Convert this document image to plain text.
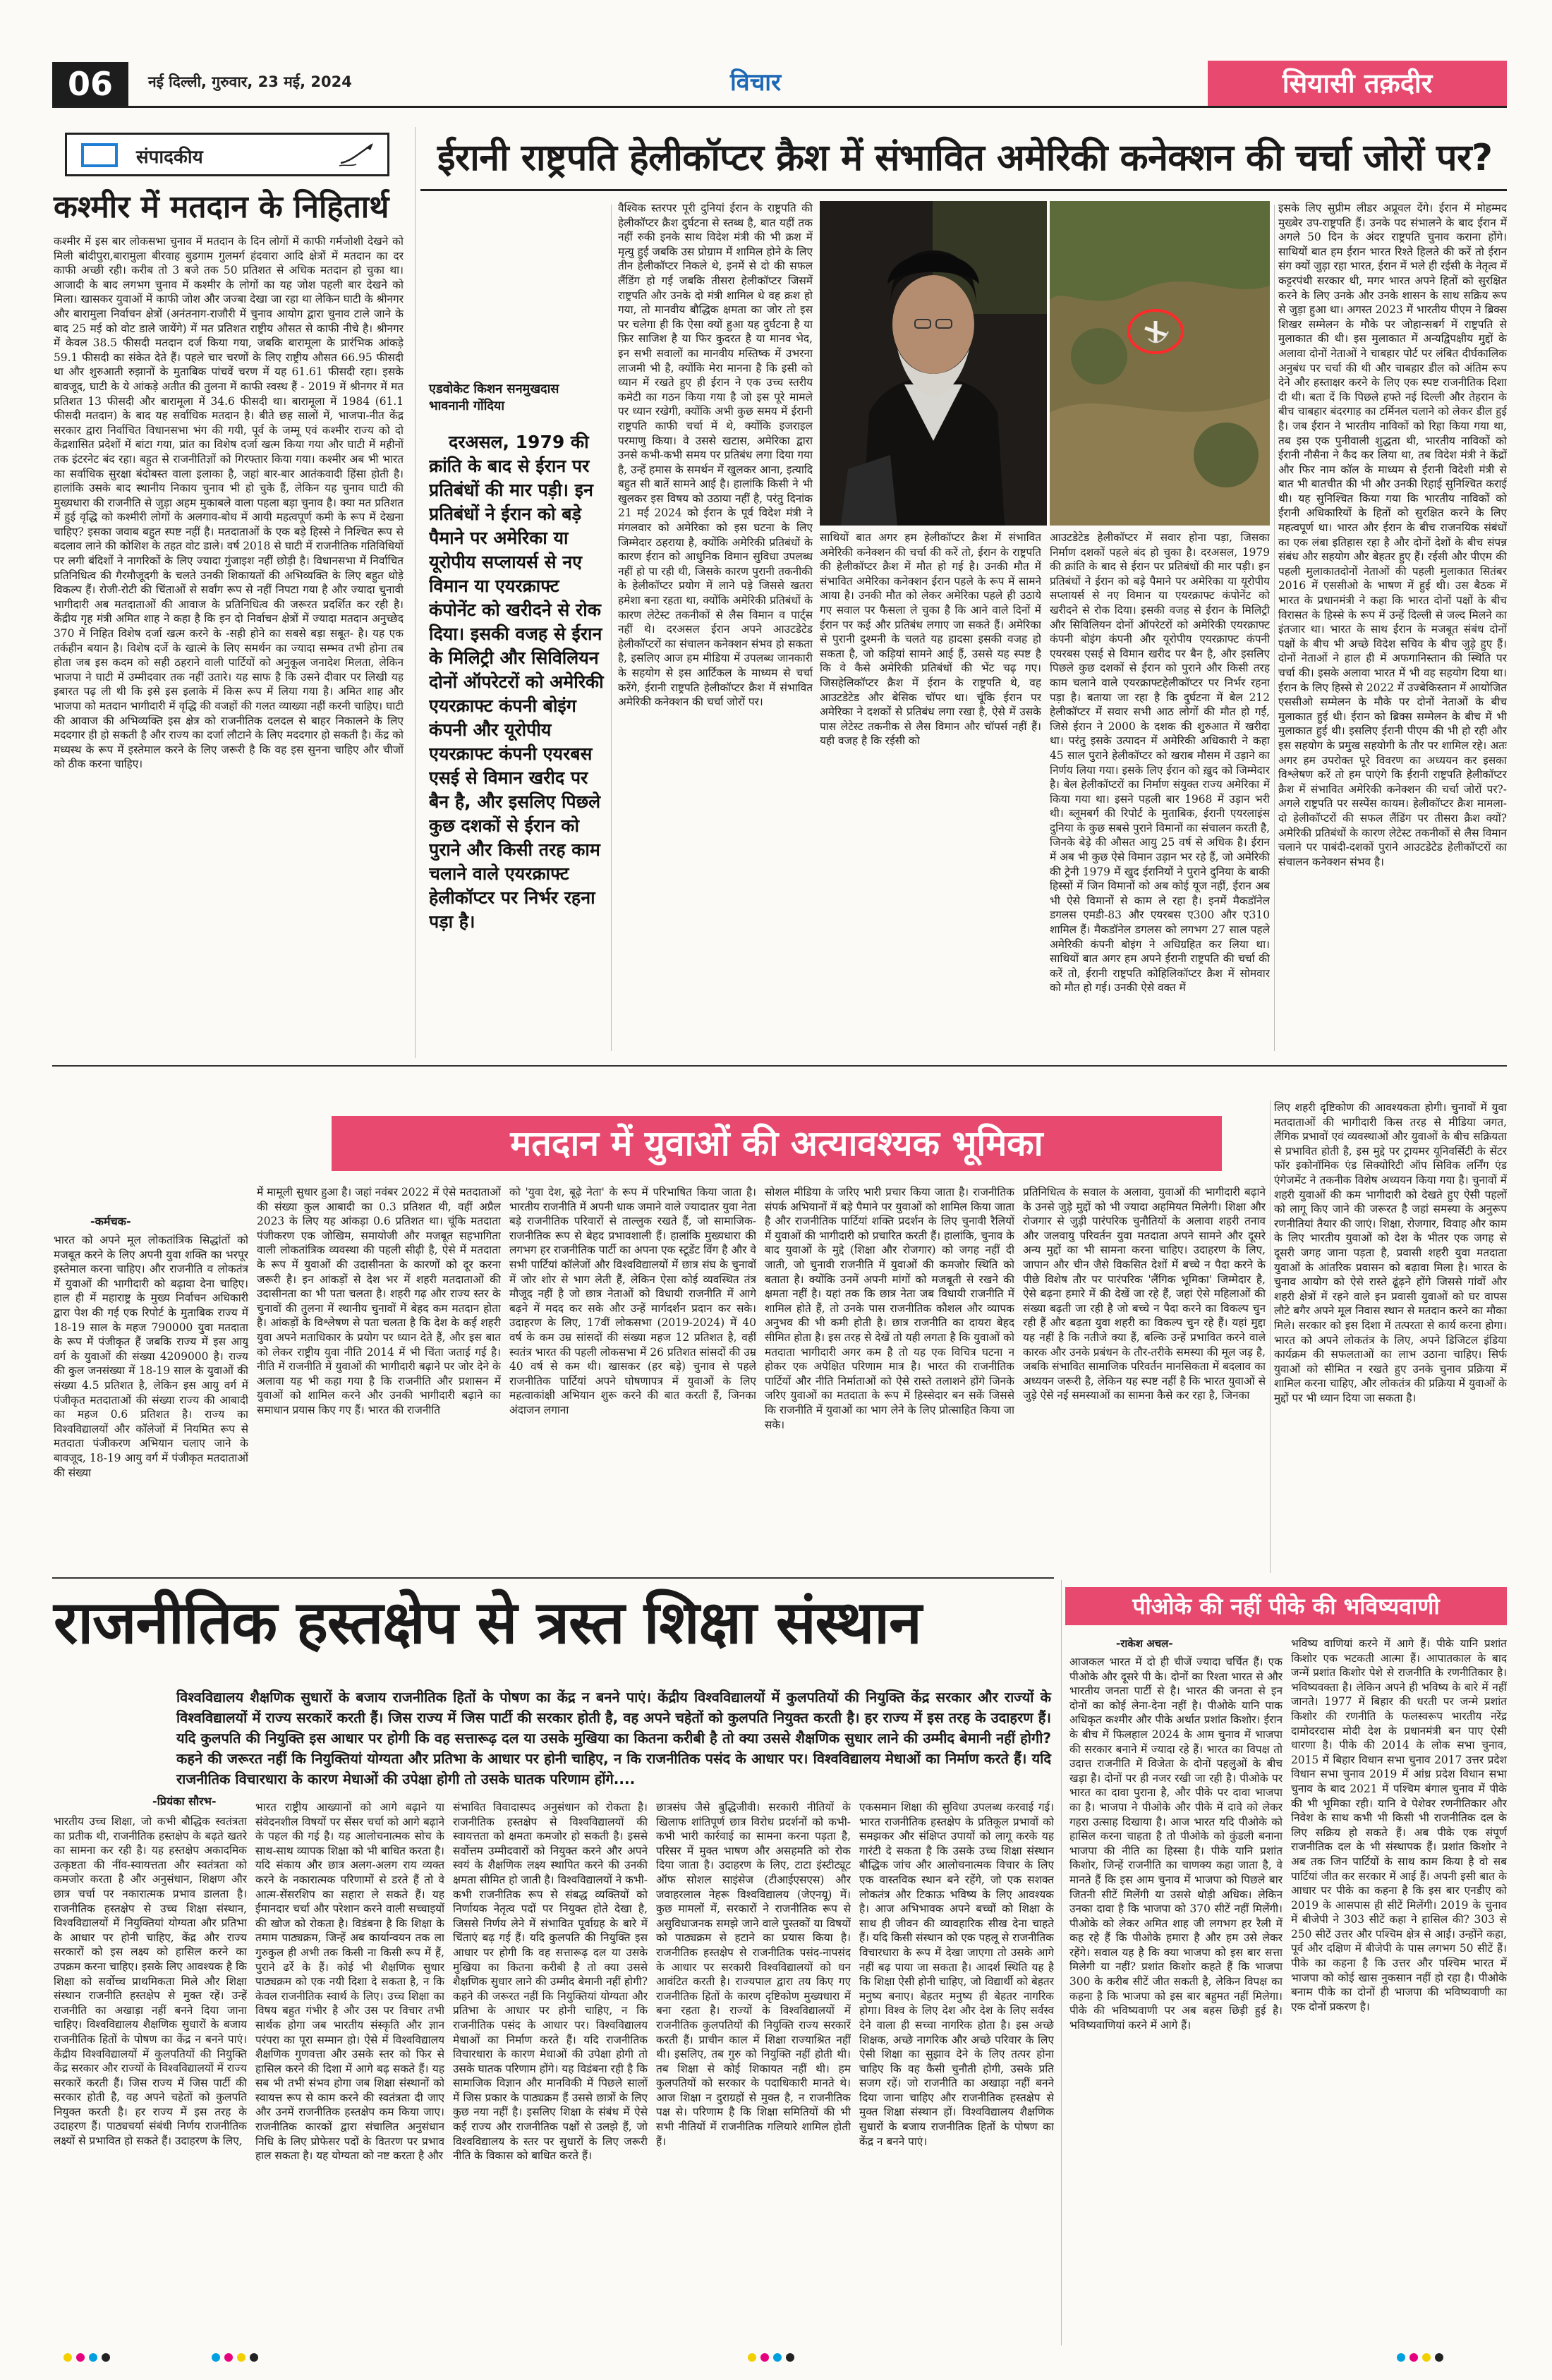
06	नई दिल्ली, गुरुवार, 23 मई, 2024	विचार	सियासी तक़दीर
संपादकीय
कश्मीर में मतदान के निहितार्थ
कश्मीर में इस बार लोकसभा चुनाव में मतदान के दिन लोगों में काफी गर्मजोशी देखने को मिली बांदीपुरा,बारामुला बीरवाह बुडगाम गुलमर्ग हंदवारा आदि क्षेत्रों में मतदान का दर काफी अच्छी रही। करीब तो 3 बजे तक 50 प्रतिशत से अधिक मतदान हो चुका था। आजादी के बाद लगभग चुनाव में कश्मीर के लोगों का यह जोश पहली बार देखने को मिला। खासकर युवाओं में काफी जोश और जज्बा देखा जा रहा था लेकिन घाटी के श्रीनगर और बारामुला निर्वाचन क्षेत्रों (अनंतनाग-राजौरी में चुनाव आयोग द्वारा चुनाव टाले जाने के बाद 25 मई को वोट डाले जायेंगे) में मत प्रतिशत राष्ट्रीय औसत से काफी नीचे है। श्रीनगर में केवल 38.5 फीसदी मतदान दर्ज किया गया, जबकि बारामूला के प्रारंभिक आंकड़े 59.1 फीसदी का संकेत देते हैं। पहले चार चरणों के लिए राष्ट्रीय औसत 66.95 फीसदी था और शुरुआती रुझानों के मुताबिक पांचवें चरण में यह 61.61 फीसदी रहा। इसके बावजूद, घाटी के ये आंकड़े अतीत की तुलना में काफी स्वस्थ हैं - 2019 में श्रीनगर में मत प्रतिशत 13 फीसदी और बारामूला में 34.6 फीसदी था। बारामूला में 1984 (61.1 फीसदी मतदान) के बाद यह सर्वाधिक मतदान है। बीते छह सालों में, भाजपा-नीत केंद्र सरकार द्वारा निर्वाचित विधानसभा भंग की गयी, पूर्व के जम्मू एवं कश्मीर राज्य को दो केंद्रशासित प्रदेशों में बांटा गया, प्रांत का विशेष दर्जा खत्म किया गया और घाटी में महीनों तक इंटरनेट बंद रहा। बहुत से राजनीतिज्ञों को गिरफ्तार किया गया। कश्मीर अब भी भारत का सर्वाधिक सुरक्षा बंदोबस्त वाला इलाका है, जहां बार-बार आतंकवादी हिंसा होती है। हालांकि उसके बाद स्थानीय निकाय चुनाव भी हो चुके हैं, लेकिन यह चुनाव घाटी की मुख्यधारा की राजनीति से जुड़ा अहम मुकाबले वाला पहला बड़ा चुनाव है। क्या मत प्रतिशत में हुई वृद्धि को कश्मीरी लोगों के अलगाव-बोध में आयी महत्वपूर्ण कमी के रूप में देखना चाहिए? इसका जवाब बहुत स्पष्ट नहीं है। मतदाताओं के एक बड़े हिस्से ने निश्चित रूप से बदलाव लाने की कोशिश के तहत वोट डाले। वर्ष 2018 से घाटी में राजनीतिक गतिविधियों पर लगी बंदिशों ने नागरिकों के लिए ज्यादा गुंजाइश नहीं छोड़ी है। विधानसभा में निर्वाचित प्रतिनिधित्व की गैरमौजूदगी के चलते उनकी शिकायतों की अभिव्यक्ति के लिए बहुत थोड़े विकल्प हैं। रोजी-रोटी की चिंताओं से सर्वांग रूप से नहीं निपटा गया है और ज्यादा चुनावी भागीदारी अब मतदाताओं की आवाज के प्रतिनिधित्व की जरूरत प्रदर्शित कर रही है। केंद्रीय गृह मंत्री अमित शाह ने कहा है कि इन दो निर्वाचन क्षेत्रों में ज्यादा मतदान अनुच्छेद 370 में निहित विशेष दर्जा खत्म करने के -सही होने का सबसे बड़ा सबूत- है। यह एक तर्कहीन बयान है। विशेष दर्जे के खात्मे के लिए समर्थन का ज्यादा सम्भव तभी होना तब होता जब इस कदम को सही ठहराने वाली पार्टियों को अनुकूल जनादेश मिलता, लेकिन भाजपा ने घाटी में उम्मीदवार तक नहीं उतारे। यह साफ है कि उसने दीवार पर लिखी यह इबारत पढ़ ली थी कि इसे इस इलाके में किस रूप में लिया गया है। अमित शाह और भाजपा को मतदान भागीदारी में वृद्धि की वजहों की गलत व्याख्या नहीं करनी चाहिए। घाटी की आवाज की अभिव्यक्ति इस क्षेत्र को राजनीतिक दलदल से बाहर निकालने के लिए मददगार ही हो सकती है और राज्य का दर्जा लौटाने के लिए मददगार हो सकती है। केंद्र को मध्यस्थ के रूप में इस्तेमाल करने के लिए जरूरी है कि वह इस सुनना चाहिए और चीजों को ठीक करना चाहिए।
ईरानी राष्ट्रपति हेलीकॉप्टर क्रैश में संभावित अमेरिकी कनेक्शन की चर्चा जोरों पर?
एडवोकेट किशन सनमुखदास
भावनानी गोंदिया
दरअसल, 1979 की क्रांति के बाद से ईरान पर प्रतिबंधों की मार पड़ी। इन प्रतिबंधों ने ईरान को बड़े पैमाने पर अमेरिका या यूरोपीय सप्लायर्स से नए विमान या एयरक्राफ्ट कंपोनेंट को खरीदने से रोक दिया। इसकी वजह से ईरान के मिलिट्री और सिविलियन दोनों ऑपरेटरों को अमेरिकी एयरक्राफ्ट कंपनी बोइंग कंपनी और यूरोपीय एयरक्राफ्ट कंपनी एयरबस एसई से विमान खरीद पर बैन है, और इसलिए पिछले कुछ दशकों से ईरान को पुराने और किसी तरह काम चलाने वाले एयरक्राफ्ट हेलीकॉप्टर पर निर्भर रहना पड़ा है।
वैश्विक स्तरपर पूरी दुनियां ईरान के राष्ट्रपति की हेलीकॉप्टर क्रैश दुर्घटना से स्तब्ध है, बात यहीं तक नहीं रुकी इनके साथ विदेश मंत्री की भी क्रश में मृत्यु हुई जबकि उस प्रोग्राम में शामिल होने के लिए तीन हेलीकॉप्टर निकले थे, इनमें से दो की सफल लैंडिंग हो गई जबकि तीसरा हेलीकॉप्टर जिसमें राष्ट्रपति और उनके दो मंत्री शामिल थे वह क्रश हो गया, तो मानवीय बौद्धिक क्षमता का जोर तो इस पर चलेगा ही कि ऐसा क्यों हुआ यह दुर्घटना है या फ़िर साजिश है या फिर कुदरत है या मानव भेद, इन सभी सवालों का मानवीय मस्तिष्क में उभरना लाजमी भी है, क्योंकि मेरा मानना है कि इसी को ध्यान में रखते हुए ही ईरान ने एक उच्च स्तरीय कमेटी का गठन किया गया है जो इस पूरे मामले पर ध्यान रखेगी, क्योंकि अभी कुछ समय में ईरानी राष्ट्रपति काफी चर्चा में थे, क्योंकि इजराइल परमाणु किया। वे उससे खटास, अमेरिका द्वारा उनसे कभी-कभी समय पर प्रतिबंध लगा दिया गया है, उन्हें हमास के समर्थन में खुलकर आना, इत्यादि बहुत सी बातें सामने आई है। हालांकि किसी ने भी खुलकर इस विषय को उठाया नहीं है, परंतु दिनांक 21 मई 2024 को ईरान के पूर्व विदेश मंत्री ने मंगलवार को अमेरिका को इस घटना के लिए जिम्मेदार ठहराया है, क्योंकि अमेरिकी प्रतिबंधों के कारण ईरान को आधुनिक विमान सुविधा उपलब्ध नहीं हो पा रही थी, जिसके कारण पुरानी तकनीकी के हेलीकॉप्टर प्रयोग में लाने पड़े जिससे खतरा हमेशा बना रहता था, क्योंकि अमेरिकी प्रतिबंधों के कारण लेटेस्ट तकनीकों से लैस विमान व पार्ट्स नहीं थे। दरअसल ईरान अपने आउटडेटेड हेलीकॉप्टरों का संचालन कनेक्शन संभव हो सकता है, इसलिए आज हम मीडिया में उपलब्ध जानकारी के सहयोग से इस आर्टिकल के माध्यम से चर्चा करेंगे, ईरानी राष्ट्रपति हेलीकॉप्टर क्रैश में संभावित अमेरिकी कनेक्शन की चर्चा जोरों पर।
साथियों बात अगर हम हेलीकॉप्टर क्रैश में संभावित अमेरिकी कनेक्शन की चर्चा की करें तो, ईरान के राष्ट्रपति की हेलीकॉप्टर क्रैश में मौत हो गई है। उनकी मौत में संभावित अमेरिका कनेक्शन ईरान पहले के रूप में सामने आया है। उनकी मौत को लेकर अमेरिका पहले ही उठाये गए सवाल पर फैसला ले चुका है कि आने वाले दिनों में ईरान पर कई और प्रतिबंध लगाए जा सकते हैं। अमेरिका से पुरानी दुश्मनी के चलते यह हादसा इसकी वजह हो सकता है, जो कड़ियां सामने आई हैं, उससे यह स्पष्ट है कि वे कैसे अमेरिकी प्रतिबंधों की भेंट चढ़ गए। जिसहेलिकॉप्टर क्रैश में ईरान के राष्ट्रपति थे, वह आउटडेटेड और बेसिक चॉपर था। चूंकि ईरान पर अमेरिका ने दशकों से प्रतिबंध लगा रखा है, ऐसे में उसके पास लेटेस्ट तकनीक से लैस विमान और चॉपर्स नहीं हैं। यही वजह है कि रईसी को
आउटडेटेड हेलीकॉप्टर में सवार होना पड़ा, जिसका निर्माण दशकों पहले बंद हो चुका है। दरअसल, 1979 की क्रांति के बाद से ईरान पर प्रतिबंधों की मार पड़ी। इन प्रतिबंधों ने ईरान को बड़े पैमाने पर अमेरिका या यूरोपीय सप्लायर्स से नए विमान या एयरक्राफ्ट कंपोनेंट को खरीदने से रोक दिया। इसकी वजह से ईरान के मिलिट्री और सिविलियन दोनों ऑपरेटरों को अमेरिकी एयरक्राफ्ट कंपनी बोइंग कंपनी और यूरोपीय एयरक्राफ्ट कंपनी एयरबस एसई से विमान खरीद पर बैन है, और इसलिए पिछले कुछ दशकों से ईरान को पुराने और किसी तरह काम चलाने वाले एयरक्राफ्टहेलीकॉप्टर पर निर्भर रहना पड़ा है। बताया जा रहा है कि दुर्घटना में बेल 212 हेलीकॉप्टर में सवार सभी आठ लोगों की मौत हो गई, जिसे ईरान ने 2000 के दशक की शुरुआत में खरीदा था। परंतु इसके उत्पादन में अमेरिकी अधिकारी ने कहा 45 साल पुराने हेलीकॉप्टर को खराब मौसम में उड़ाने का निर्णय लिया गया। इसके लिए ईरान को ख़ुद को जिम्मेदार है। बेल हेलीकॉप्टरों का निर्माण संयुक्त राज्य अमेरिका में किया गया था। इसने पहली बार 1968 में उड़ान भरी थी। ब्लूमबर्ग की रिपोर्ट के मुताबिक, ईरानी एयरलाइंस दुनिया के कुछ सबसे पुराने विमानों का संचालन करती है, जिनके बेड़े की औसत आयु 25 वर्ष से अधिक है। ईरान में अब भी कुछ ऐसे विमान उड़ान भर रहे हैं, जो अमेरिकी की ट्रेनी 1979 में खुद ईरानियों ने पुराने दुनिया के बाकी हिस्सों में जिन विमानों को अब कोई यूज नहीं, ईरान अब भी ऐसे विमानों से काम ले रहा है। इनमें मैकडॉनेल डगलस एमडी-83 और एयरबस ए300 और ए310 शामिल हैं। मैकडॉनेल डगलस को लगभग 27 साल पहले अमेरिकी कंपनी बोइंग ने अधिग्रहित कर लिया था। साथियों बात अगर हम अपने ईरानी राष्ट्रपति की चर्चा की करें तो, ईरानी राष्ट्रपति कोहिलिकॉप्टर क्रैश में सोमवार को मौत हो गई। उनकी ऐसे वक्त में
इसके लिए सुप्रीम लीडर अप्रूवल देंगे। ईरान में मोहम्मद मुख्बेर उप-राष्ट्रपति हैं। उनके पद संभालने के बाद ईरान में अगले 50 दिन के अंदर राष्ट्रपति चुनाव कराना होंगे। साथियों बात हम ईरान भारत रिश्ते हिलते की करें तो ईरान संग क्यों जुड़ा रहा भारत, ईरान में भले ही रईसी के नेतृत्व में कट्टरपंथी सरकार थी, मगर भारत अपने हितों को सुरक्षित करने के लिए उनके और उनके शासन के साथ सक्रिय रूप से जुड़ा हुआ था। अगस्त 2023 में भारतीय पीएम ने ब्रिक्स शिखर सम्मेलन के मौके पर जोहान्सबर्ग में राष्ट्रपति से मुलाकात की थी। इस मुलाकात में अन्यद्विपक्षीय मुद्दों के अलावा दोनों नेताओं ने चाबहार पोर्ट पर लंबित दीर्घकालिक अनुबंध पर चर्चा की थी और चाबहार डील को अंतिम रूप देने और हस्ताक्षर करने के लिए एक स्पष्ट राजनीतिक दिशा दी थी। बता दें कि पिछले हफ्ते नई दिल्ली और तेहरान के बीच चाबहार बंदरगाह का टर्मिनल चलाने को लेकर डील हुई है। जब ईरान ने भारतीय नाविकों को रिहा किया गया था, तब इस एक पुनीवाली शुद्धता थी, भारतीय नाविकों को ईरानी नौसैना ने कैद कर लिया था, तब विदेश मंत्री ने केंद्रों और फिर नाम कॉल के माध्यम से ईरानी विदेशी मंत्री से बात भी बातचीत की भी और उनकी रिहाई सुनिश्चित कराई थी। यह सुनिश्चित किया गया कि भारतीय नाविकों को ईरानी अधिकारियों के हितों को सुरक्षित करने के लिए महत्वपूर्ण था। भारत और ईरान के बीच राजनयिक संबंधों का एक लंबा इतिहास रहा है और दोनों देशों के बीच संपन्न संबंध और सहयोग और बेहतर हुए हैं। रईसी और पीएम की पहली मुलाकातदोनों नेताओं की पहली मुलाकात सितंबर 2016 में एससीओ के भाषण में हुई थी। उस बैठक में भारत के प्रधानमंत्री ने कहा कि भारत दोनों पक्षों के बीच विरासत के हिस्से के रूप में उन्हें दिल्ली से जल्द मिलने का इंतजार था। भारत के साथ ईरान के मजबूत संबंध दोनों पक्षों के बीच भी अच्छे विदेश सचिव के बीच जुड़े हुए हैं। दोनों नेताओं ने हाल ही में अफगानिस्तान की स्थिति पर चर्चा की। इसके अलावा भारत में भी वह सहयोग दिया था। ईरान के लिए हिस्से से 2022 में उज्बेकिस्तान में आयोजित एससीओ सम्मेलन के मौके पर दोनों नेताओं के बीच मुलाकात हुई थी। ईरान को ब्रिक्स सम्मेलन के बीच में भी मुलाकात हुई थी। इसलिए ईरानी पीएम की भी हो रही और इस सहयोग के प्रमुख सहयोगी के तौर पर शामिल रहे। अतः अगर हम उपरोक्त पूरे विवरण का अध्ययन कर इसका विश्लेषण करें तो हम पाएंगे कि ईरानी राष्ट्रपति हेलीकॉप्टर क्रैश में संभावित अमेरिकी कनेक्शन की चर्चा जोरों पर?-अगले राष्ट्रपति पर सस्पेंस कायम। हेलीकॉप्टर क्रैश मामला-दो हेलीकॉप्टरों की सफल लैंडिंग पर तीसरा क्रैश क्यों?अमेरिकी प्रतिबंधों के कारण लेटेस्ट तकनीकों से लैस विमान चलाने पर पाबंदी-दशकों पुराने आउटडेटेड हेलीकॉप्टरों का संचालन कनेक्शन संभव है।
मतदान में युवाओं की अत्यावश्यक भूमिका
-कर्मचक-
भारत को अपने मूल लोकतांत्रिक सिद्धांतों को मजबूत करने के लिए अपनी युवा शक्ति का भरपूर इस्तेमाल करना चाहिए। और राजनीति व लोकतंत्र में युवाओं की भागीदारी को बढ़ावा देना चाहिए। हाल ही में महाराष्ट्र के मुख्य निर्वाचन अधिकारी द्वारा पेश की गई एक रिपोर्ट के मुताबिक राज्य में 18-19 साल के महज 790000 युवा मतदाता के रूप में पंजीकृत हैं जबकि राज्य में इस आयु वर्ग के युवाओं की संख्या 4209000 है। राज्य की कुल जनसंख्या में 18-19 साल के युवाओं की संख्या 4.5 प्रतिशत है, लेकिन इस आयु वर्ग में पंजीकृत मतदाताओं की संख्या राज्य की आबादी का महज 0.6 प्रतिशत है। राज्य का विश्वविद्यालयों और कॉलेजों में नियमित रूप से मतदाता पंजीकरण अभियान चलाए जाने के बावजूद, 18-19 आयु वर्ग में पंजीकृत मतदाताओं की संख्या
में मामूली सुधार हुआ है। जहां नवंबर 2022 में ऐसे मतदाताओं की संख्या कुल आबादी का 0.3 प्रतिशत थी, वहीं अप्रैल 2023 के लिए यह आंकड़ा 0.6 प्रतिशत था। चूंकि मतदाता पंजीकरण एक जोखिम, समायोजी और मजबूत सहभागिता वाली लोकतांत्रिक व्यवस्था की पहली सीढ़ी है, ऐसे में मतदाता के रूप में युवाओं की उदासीनता के कारणों को दूर करना जरूरी है। इन आंकड़ों से देश भर में शहरी मतदाताओं की उदासीनता का भी पता चलता है। शहरी गढ़ और राज्य स्तर के चुनावों की तुलना में स्थानीय चुनावों में बेहद कम मतदान होता है। आंकड़ों के विश्लेषण से पता चलता है कि देश के कई शहरी युवा अपने मताधिकार के प्रयोग पर ध्यान देते हैं, और इस बात को लेकर राष्ट्रीय युवा नीति 2014 में भी चिंता जताई गई है। नीति में राजनीति में युवाओं की भागीदारी बढ़ाने पर जोर देने के अलावा यह भी कहा गया है कि राजनीति और प्रशासन में युवाओं को शामिल करने और उनकी भागीदारी बढ़ाने का समाधान प्रयास किए गए हैं। भारत की राजनीति
को 'युवा देश, बूढ़े नेता' के रूप में परिभाषित किया जाता है। भारतीय राजनीति में अपनी धाक जमाने वाले ज्यादातर युवा नेता बड़े राजनीतिक परिवारों से ताल्लुक रखते हैं, जो सामाजिक-राजनीतिक रूप से बेहद प्रभावशाली हैं। हालांकि मुख्यधारा की लगभग हर राजनीतिक पार्टी का अपना एक स्टूडेंट विंग है और वे सभी पार्टियां कॉलेजों और विश्वविद्यालयों में छात्र संघ के चुनावों में जोर शोर से भाग लेती हैं, लेकिन ऐसा कोई व्यवस्थित तंत्र मौजूद नहीं है जो छात्र नेताओं को विधायी राजनीति में आगे बढ़ने में मदद कर सके और उन्हें मार्गदर्शन प्रदान कर सके। उदाहरण के लिए, 17वीं लोकसभा (2019-2024) में 40 वर्ष के कम उम्र सांसदों की संख्या महज 12 प्रतिशत है, वहीं स्वतंत्र भारत की पहली लोकसभा में 26 प्रतिशत सांसदों की उम्र 40 वर्ष से कम थी। खासकर (हर बड़े) चुनाव से पहले राजनीतिक पार्टियां अपने घोषणापत्र में युवाओं के लिए महत्वाकांक्षी अभियान शुरू करने की बात करती हैं, जिनका अंदाजन लगाना
सोशल मीडिया के जरिए भारी प्रचार किया जाता है। राजनीतिक संपर्क अभियानों में बड़े पैमाने पर युवाओं को शामिल किया जाता है और राजनीतिक पार्टियां शक्ति प्रदर्शन के लिए चुनावी रैलियों में युवाओं की भागीदारी को प्रचारित करती हैं। हालांकि, चुनाव के बाद युवाओं के मुद्दे (शिक्षा और रोजगार) को जगह नहीं दी जाती, जो चुनावी राजनीति में युवाओं की कमजोर स्थिति को बताता है। क्योंकि उनमें अपनी मांगों को मजबूती से रखने की क्षमता नहीं है। यहां तक कि छात्र नेता जब विधायी राजनीति में शामिल होते हैं, तो उनके पास राजनीतिक कौशल और व्यापक अनुभव की भी कमी होती है। छात्र राजनीति का दायरा बेहद सीमित होता है। इस तरह से देखें तो यही लगता है कि युवाओं को मतदाता भागीदारी अगर कम है तो यह एक विचित्र घटना न होकर एक अपेक्षित परिणाम मात्र है। भारत की राजनीतिक पार्टियों और नीति निर्माताओं को ऐसे रास्ते तलाशने होंगे जिनके जरिए युवाओं का मतदाता के रूप में हिस्सेदार बन सकें जिससे कि राजनीति में युवाओं का भाग लेने के लिए प्रोत्साहित किया जा सके।
प्रतिनिधित्व के सवाल के अलावा, युवाओं की भागीदारी बढ़ाने के उनसे जुड़े मुद्दों को भी ज्यादा अहमियत मिलेगी। शिक्षा और रोजगार से जुड़ी पारंपरिक चुनौतियों के अलावा शहरी तनाव और जलवायु परिवर्तन युवा मतदाता अपने सामने और दूसरे अन्य मुद्दों का भी सामना करना चाहिए। उदाहरण के लिए, जापान और चीन जैसे विकसित देशों में बच्चे न पैदा करने के पीछे विशेष तौर पर पारंपरिक 'लैंगिक भूमिका' जिम्मेदार है, ऐसे बढ़ना हमारे में की देखें जा रहे हैं, जहां ऐसे महिलाओं की संख्या बढ़ती जा रही है जो बच्चे न पैदा करने का विकल्प चुन रही हैं और बढ़ता युवा शहरी का विकल्प चुन रहे हैं। यहां मुद्दा यह नहीं है कि नतीजे क्या हैं, बल्कि उन्हें प्रभावित करने वाले कारक और उनके प्रबंधन के तौर-तरीके समस्या की मूल जड़ है, जबकि संभावित सामाजिक परिवर्तन मानसिकता में बदलाव का अध्ययन जरूरी है, लेकिन यह स्पष्ट नहीं है कि भारत युवाओं से जुड़े ऐसे नई समस्याओं का सामना कैसे कर रहा है, जिनका
लिए शहरी दृष्टिकोण की आवश्यकता होगी। चुनावों में युवा मतदाताओं की भागीदारी किस तरह से मीडिया जगत, लैंगिक प्रभावों एवं व्यवस्थाओं और युवाओं के बीच सक्रियता से प्रभावित होती है, इस मुद्दे पर ट्रायमर यूनिवर्सिटी के सेंटर फॉर इकोनॉमिक एंड सिक्योरिटी ऑप सिविक लर्निंग एंड एंगेजमेंट ने तकनीक विशेष अध्ययन किया गया है। चुनावों में शहरी युवाओं की कम भागीदारी को देखते हुए ऐसी पहलों को लागू किए जाने की जरूरत है जहां समस्या के अनुरूप रणनीतियां तैयार की जाएं। शिक्षा, रोजगार, विवाह और काम के लिए भारतीय युवाओं को देश के भीतर एक जगह से दूसरी जगह जाना पड़ता है, प्रवासी शहरी युवा मतदाता युवाओं के आंतरिक प्रवासन को बढ़ावा मिला है। भारत के चुनाव आयोग को ऐसे रास्ते ढूंढ़ने होंगे जिससे गांवों और शहरी क्षेत्रों में रहने वाले इन प्रवासी युवाओं को घर वापस लौटे बगैर अपने मूल निवास स्थान से मतदान करने का मौका मिले। सरकार को इस दिशा में तत्परता से कार्य करना होगा। भारत को अपने लोकतंत्र के लिए, अपने डिजिटल इंडिया कार्यक्रम की सफलताओं का लाभ उठाना चाहिए। सिर्फ युवाओं को सीमित न रखते हुए उनके चुनाव प्रक्रिया में शामिल करना चाहिए, और लोकतंत्र की प्रक्रिया में युवाओं के मुद्दों पर भी ध्यान दिया जा सकता है।
राजनीतिक हस्तक्षेप से त्रस्त शिक्षा संस्थान
विश्वविद्यालय शैक्षणिक सुधारों के बजाय राजनीतिक हितों के पोषण का केंद्र न बनने पाएं। केंद्रीय विश्वविद्यालयों में कुलपतियों की नियुक्ति केंद्र सरकार और राज्यों के विश्वविद्यालयों में राज्य सरकारें करती हैं। जिस राज्य में जिस पार्टी की सरकार होती है, वह अपने चहेतों को कुलपति नियुक्त करती है। हर राज्य में इस तरह के उदाहरण हैं। यदि कुलपति की नियुक्ति इस आधार पर होगी कि वह सत्तारूढ़ दल या उसके मुखिया का कितना करीबी है तो क्या उससे शैक्षणिक सुधार लाने की उम्मीद बेमानी नहीं होगी? कहने की जरूरत नहीं कि नियुक्तियां योग्यता और प्रतिभा के आधार पर होनी चाहिए, न कि राजनीतिक पसंद के आधार पर। विश्वविद्यालय मेधाओं का निर्माण करते हैं। यदि राजनीतिक विचारधारा के कारण मेधाओं की उपेक्षा होगी तो उसके घातक परिणाम होंगे....
-प्रियंका सौरभ-
भारतीय उच्च शिक्षा, जो कभी बौद्धिक स्वतंत्रता का प्रतीक थी, राजनीतिक हस्तक्षेप के बढ़ते खतरे का सामना कर रही है। यह हस्तक्षेप अकादमिक उत्कृष्टता की नींव-स्वायत्तता और स्वतंत्रता को कमजोर करता है और अनुसंधान, शिक्षण और छात्र चर्चा पर नकारात्मक प्रभाव डालता है। राजनीतिक हस्तक्षेप से उच्च शिक्षा संस्थान, विश्वविद्यालयों में नियुक्तियां योग्यता और प्रतिभा के आधार पर होनी चाहिए, केंद्र और राज्य सरकारों को इस लक्ष्य को हासिल करने का उपक्रम करना चाहिए। इसके लिए आवश्यक है कि शिक्षा को सर्वोच्च प्राथमिकता मिले और शिक्षा संस्थान राजनीति हस्तक्षेप से मुक्त रहें। उन्हें राजनीति का अखाड़ा नहीं बनने दिया जाना चाहिए। विश्वविद्यालय शैक्षणिक सुधारों के बजाय राजनीतिक हितों के पोषण का केंद्र न बनने पाएं। केंद्रीय विश्वविद्यालयों में कुलपतियों की नियुक्ति केंद्र सरकार और राज्यों के विश्वविद्यालयों में राज्य सरकारें करती हैं। जिस राज्य में जिस पार्टी की सरकार होती है, वह अपने चहेतों को कुलपति नियुक्त करती है। हर राज्य में इस तरह के उदाहरण हैं। पाठ्यचर्या संबंधी निर्णय राजनीतिक लक्ष्यों से प्रभावित हो सकते हैं। उदाहरण के लिए,
भारत राष्ट्रीय आख्यानों को आगे बढ़ाने या संवेदनशील विषयों पर सेंसर चर्चा को आगे बढ़ाने के पहल की गई है। यह आलोचनात्मक सोच के साथ-साथ व्यापक शिक्षा को भी बाधित करता है। यदि संकाय और छात्र अलग-अलग राय व्यक्त करने के नकारात्मक परिणामों से डरते हैं तो वे आत्म-सेंसरशिप का सहारा ले सकते हैं। यह ईमानदार चर्चा और परेशान करने वाली सच्चाइयों की खोज को रोकता है। विडंबना है कि शिक्षा के तमाम पाठ्यक्रम, जिन्हें अब कार्यान्वयन तक ला गुरुकुल ही अभी तक किसी ना किसी रूप में हैं, पुराने ढर्रे के हैं। कोई भी शैक्षणिक सुधार पाठ्यक्रम को एक नयी दिशा दे सकता है, न कि केवल राजनीतिक स्वार्थ के लिए। उच्च शिक्षा का विषय बहुत गंभीर है और उस पर विचार तभी सार्थक होगा जब भारतीय संस्कृति और ज्ञान परंपरा का पूरा सम्मान हो। ऐसे में विश्वविद्यालय शैक्षणिक गुणवत्ता और उसके स्तर को फिर से हासिल करने की दिशा में आगे बढ़ सकते हैं। यह सब भी तभी संभव होगा जब शिक्षा संस्थानों को स्वायत्त रूप से काम करने की स्वतंत्रता दी जाए और उनमें राजनीतिक हस्तक्षेप कम किया जाए। राजनीतिक कारकों द्वारा संचालित अनुसंधान निधि के लिए प्रोफेसर पदों के वितरण पर प्रभाव हाल सकता है। यह योग्यता को नष्ट करता है और
संभावित विवादास्पद अनुसंधान को रोकता है। राजनीतिक हस्तक्षेप से विश्वविद्यालयों की स्वायत्तता को क्षमता कमजोर हो सकती है। इससे सर्वोत्तम उम्मीदवारों को नियुक्त करने और अपने स्वयं के शैक्षणिक लक्ष्य स्थापित करने की उनकी क्षमता सीमित हो जाती है। विश्वविद्यालयों ने कभी-कभी राजनीतिक रूप से संबद्ध व्यक्तियों को निर्णायक नेतृत्व पदों पर नियुक्त होते देखा है, जिससे निर्णय लेने में संभावित पूर्वाग्रह के बारे में चिंताएं बढ़ गई हैं। यदि कुलपति की नियुक्ति इस आधार पर होगी कि वह सत्तारूढ़ दल या उसके मुखिया का कितना करीबी है तो क्या उससे शैक्षणिक सुधार लाने की उम्मीद बेमानी नहीं होगी? कहने की जरूरत नहीं कि नियुक्तियां योग्यता और प्रतिभा के आधार पर होनी चाहिए, न कि राजनीतिक पसंद के आधार पर। विश्वविद्यालय मेधाओं का निर्माण करते हैं। यदि राजनीतिक विचारधारा के कारण मेधाओं की उपेक्षा होगी तो उसके घातक परिणाम होंगे। यह विडंबना रही है कि सामाजिक विज्ञान और मानविकी में पिछले सालों में जिस प्रकार के पाठ्यक्रम हैं उससे छात्रों के लिए कुछ नया नहीं है। इसलिए शिक्षा के संबंध में ऐसे कई राज्य और राजनीतिक पक्षों से उलझे हैं, जो विश्वविद्यालय के स्तर पर सुधारों के लिए जरूरी नीति के विकास को बाधित करते हैं।
छात्रसंघ जैसे बुद्धिजीवी। सरकारी नीतियों के खिलाफ शांतिपूर्ण छात्र विरोध प्रदर्शनों को कभी-कभी भारी कार्रवाई का सामना करना पड़ता है, परिसर में मुक्त भाषण और असहमति को रोक दिया जाता है। उदाहरण के लिए, टाटा इंस्टीट्यूट ऑफ सोशल साइंसेज (टीआईएसएस) और जवाहरलाल नेहरू विश्वविद्यालय (जेएनयू) में। कुछ मामलों में, सरकारों ने राजनीतिक रूप से असुविधाजनक समझे जाने वाले पुस्तकों या विषयों को पाठ्यक्रम से हटाने का प्रयास किया है। राजनीतिक हस्तक्षेप से राजनीतिक पसंद-नापसंद के आधार पर सरकारी विश्वविद्यालयों को धन आवंटित करती है। राज्यपाल द्वारा तय किए गए राजनीतिक हितों के कारण दृष्टिकोण मुख्यधारा में बना रहता है। राज्यों के विश्वविद्यालयों में राजनीतिक कुलपतियों की नियुक्ति राज्य सरकारें करती हैं। प्राचीन काल में शिक्षा राज्याश्रित नहीं थी। इसलिए, तब गुरु को नियुक्ति नहीं होती थी। तब शिक्षा से कोई शिकायत नहीं थी। हम कुलपतियों को सरकार के पदाधिकारी मानते थे। आज शिक्षा न दुराग्रहों से मुक्त है, न राजनीतिक पक्ष से। परिणाम है कि शिक्षा समितियों की भी सभी नीतियों में राजनीतिक गलियारे शामिल होती हैं।
एकसमान शिक्षा की सुविधा उपलब्ध करवाई गई। भारत राजनीतिक हस्तक्षेप के प्रतिकूल प्रभावों को समझकर और संक्षिप्त उपायों को लागू करके यह गारंटी दे सकता है कि उसके उच्च शिक्षा संस्थान बौद्धिक जांच और आलोचनात्मक विचार के लिए एक वास्तविक स्थान बने रहेंगे, जो एक सशक्त लोकतंत्र और टिकाऊ भविष्य के लिए आवश्यक है। आज अभिभावक अपने बच्चों को शिक्षा के साथ ही जीवन की व्यावहारिक सीख देना चाहते हैं। यदि किसी संस्थान को एक पहलू से राजनीतिक विचारधारा के रूप में देखा जाएगा तो उसके आगे नहीं बढ़ पाया जा सकता है। आदर्श स्थिति यह है कि शिक्षा ऐसी होनी चाहिए, जो विद्यार्थी को बेहतर मनुष्य बनाए। बेहतर मनुष्य ही बेहतर नागरिक होगा। विश्व के लिए देश और देश के लिए सर्वस्व देने वाला ही सच्चा नागरिक होता है। इस अच्छे शिक्षक, अच्छे नागरिक और अच्छे परिवार के लिए ऐसी शिक्षा का सुझाव देने के लिए तत्पर होना चाहिए कि वह कैसी चुनौती होगी, उसके प्रति सजग रहें। जो राजनीति का अखाड़ा नहीं बनने दिया जाना चाहिए और राजनीतिक हस्तक्षेप से मुक्त शिक्षा संस्थान हों। विश्वविद्यालय शैक्षणिक सुधारों के बजाय राजनीतिक हितों के पोषण का केंद्र न बनने पाएं।
पीओके की नहीं पीके की भविष्यवाणी
-राकेश अचल-
आजकल भारत में दो ही चीजें ज्यादा चर्चित हैं। एक पीओके और दूसरे पी के। दोनों का रिश्ता भारत से और भारतीय जनता पार्टी से है। भारत की जनता से इन दोनों का कोई लेना-देना नहीं है। पीओके यानि पाक अधिकृत कश्मीर और पीके अर्थात प्रशांत किशोर। ईरान के बीच में फिलहाल 2024 के आम चुनाव में भाजपा की सरकार बनाने में ज्यादा रहे हैं। भारत का विपक्ष तो उदात्त राजनीति में विजेता के दोनों पहलुओं के बीच खड़ा है। दोनों पर ही नजर रखी जा रही है। पीओके पर भारत का दावा पुराना है, और पीके पर दावा भाजपा का है। भाजपा ने पीओके और पीके में दावे को लेकर गहरा उत्साह दिखाया है। आज भारत यदि पीओके को हासिल करना चाहता है तो पीओके को कुंडली बनाना भाजपा की नीति का हिस्सा है। पीके यानि प्रशांत किशोर, जिन्हें राजनीति का चाणक्य कहा जाता है, वे मानते हैं कि इस आम चुनाव में भाजपा को पिछले बार जितनी सीटें मिलेंगी या उससे थोड़ी अधिक। लेकिन उनका दावा है कि भाजपा को 370 सीटें नहीं मिलेंगी। पीओके को लेकर अमित शाह जी लगभग हर रैली में कह रहे हैं कि पीओके हमारा है और हम उसे लेकर रहेंगे। सवाल यह है कि क्या भाजपा को इस बार सत्ता मिलेगी या नहीं? प्रशांत किशोर कहते हैं कि भाजपा 300 के करीब सीटें जीत सकती है, लेकिन विपक्ष का कहना है कि भाजपा को इस बार बहुमत नहीं मिलेगा। पीके की भविष्यवाणी पर अब बहस छिड़ी हुई है। भविष्यवाणियां करने में आगे हैं।
भविष्य वाणियां करने में आगे हैं। पीके यानि प्रशांत किशोर एक भटकती आत्मा हैं। आपातकाल के बाद जन्में प्रशांत किशोर पेशे से राजनीति के रणनीतिकार है। भविष्यवक्ता है। लेकिन अपने ही भविष्य के बारे में नहीं जानते। 1977 में बिहार की धरती पर जन्मे प्रशांत किशोर की रणनीति के फलस्वरूप भारतीय नरेंद्र दामोदरदास मोदी देश के प्रधानमंत्री बन पाए ऐसी धारणा है। पीके की 2014 के लोक सभा चुनाव, 2015 में बिहार विधान सभा चुनाव 2017 उत्तर प्रदेश विधान सभा चुनाव 2019 में आंध्र प्रदेश विधान सभा चुनाव के बाद 2021 में पश्चिम बंगाल चुनाव में पीके की भी भूमिका रही। यानि वे पेशेवर रणनीतिकार और निवेश के साथ कभी भी किसी भी राजनीतिक दल के लिए सक्रिय हो सकते हैं। अब पीके एक संपूर्ण राजनीतिक दल के भी संस्थापक हैं। प्रशांत किशोर ने अब तक जिन पार्टियों के साथ काम किया है वो सब पार्टियां जीत कर सरकार में आई हैं। अपनी इसी बात के आधार पर पीके का कहना है कि इस बार एनडीए को 2019 के आसपास ही सीटें मिलेंगी। 2019 के चुनाव में बीजेपी ने 303 सीटें कहा ने हासिल की? 303 से 250 सीटें उत्तर और पश्चिम क्षेत्र से आई। उन्होंने कहा, पूर्व और दक्षिण में बीजेपी के पास लगभग 50 सीटें हैं। पीके का कहना है कि उत्तर और पश्चिम भारत में भाजपा को कोई खास नुकसान नहीं हो रहा है। पीओके बनाम पीके का दोनों ही भाजपा की भविष्यवाणी का एक दोनों प्रकरण है।
